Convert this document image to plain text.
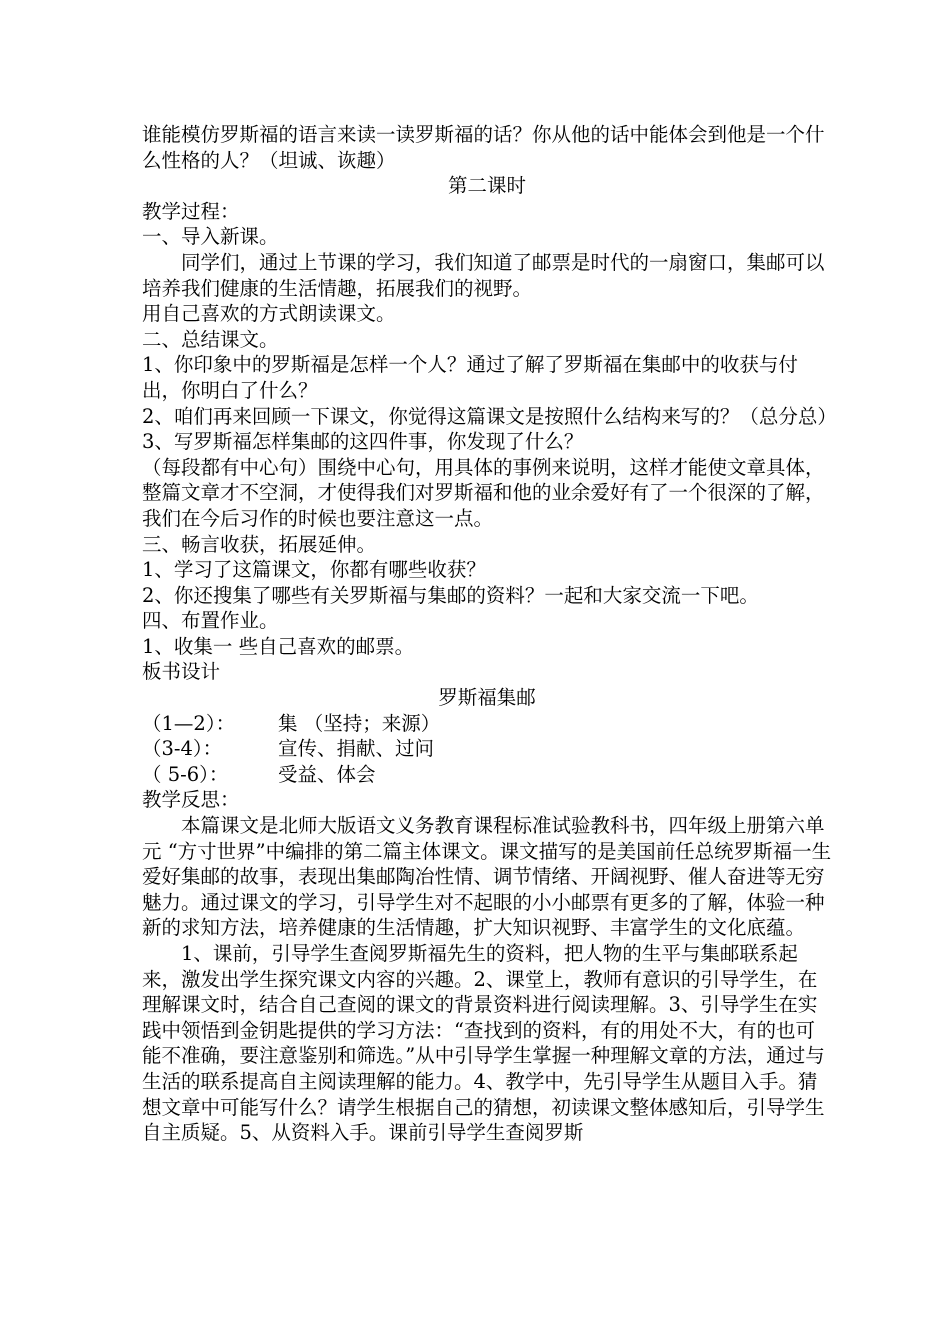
谁能模仿罗斯福的语言来读一读罗斯福的话？你从他的话中能体会到他是一个什么性格的人？（坦诚、诙趣）

第二课时

教学过程：

一、导入新课。

同学们，通过上节课的学习，我们知道了邮票是时代的一扇窗口，集邮可以培养我们健康的生活情趣，拓展我们的视野。

用自己喜欢的方式朗读课文。

二、总结课文。

1、你印象中的罗斯福是怎样一个人？通过了解了罗斯福在集邮中的收获与付出，你明白了什么？

2、咱们再来回顾一下课文，你觉得这篇课文是按照什么结构来写的？（总分总）

3、写罗斯福怎样集邮的这四件事，你发现了什么？

（每段都有中心句）围绕中心句，用具体的事例来说明，这样才能使文章具体，整篇文章才不空洞，才使得我们对罗斯福和他的业余爱好有了一个很深的了解，我们在今后习作的时候也要注意这一点。

三、畅言收获，拓展延伸。

1、学习了这篇课文，你都有哪些收获？

2、你还搜集了哪些有关罗斯福与集邮的资料？一起和大家交流一下吧。

四、布置作业。

1、收集一 些自己喜欢的邮票。

板书设计

罗斯福集邮

（1—2）：	集 （坚持；来源）
（3-4）：	宣传、捐献、过问
（ 5-6）：	受益、体会

教学反思：

本篇课文是北师大版语文义务教育课程标准试验教科书，四年级上册第六单元 “方寸世界”中编排的第二篇主体课文。课文描写的是美国前任总统罗斯福一生爱好集邮的故事，表现出集邮陶冶性情、调节情绪、开阔视野、催人奋进等无穷魅力。通过课文的学习，引导学生对不起眼的小小邮票有更多的了解，体验一种新的求知方法，培养健康的生活情趣，扩大知识视野、丰富学生的文化底蕴。

1、课前，引导学生查阅罗斯福先生的资料，把人物的生平与集邮联系起来，激发出学生探究课文内容的兴趣。2、课堂上，教师有意识的引导学生，在理解课文时，结合自己查阅的课文的背景资料进行阅读理解。3、引导学生在实践中领悟到金钥匙提供的学习方法：“查找到的资料，有的用处不大，有的也可能不准确，要注意鉴别和筛选。”从中引导学生掌握一种理解文章的方法，通过与生活的联系提高自主阅读理解的能力。4、教学中，先引导学生从题目入手。猜想文章中可能写什么？请学生根据自己的猜想，初读课文整体感知后，引导学生自主质疑。5、从资料入手。课前引导学生查阅罗斯
